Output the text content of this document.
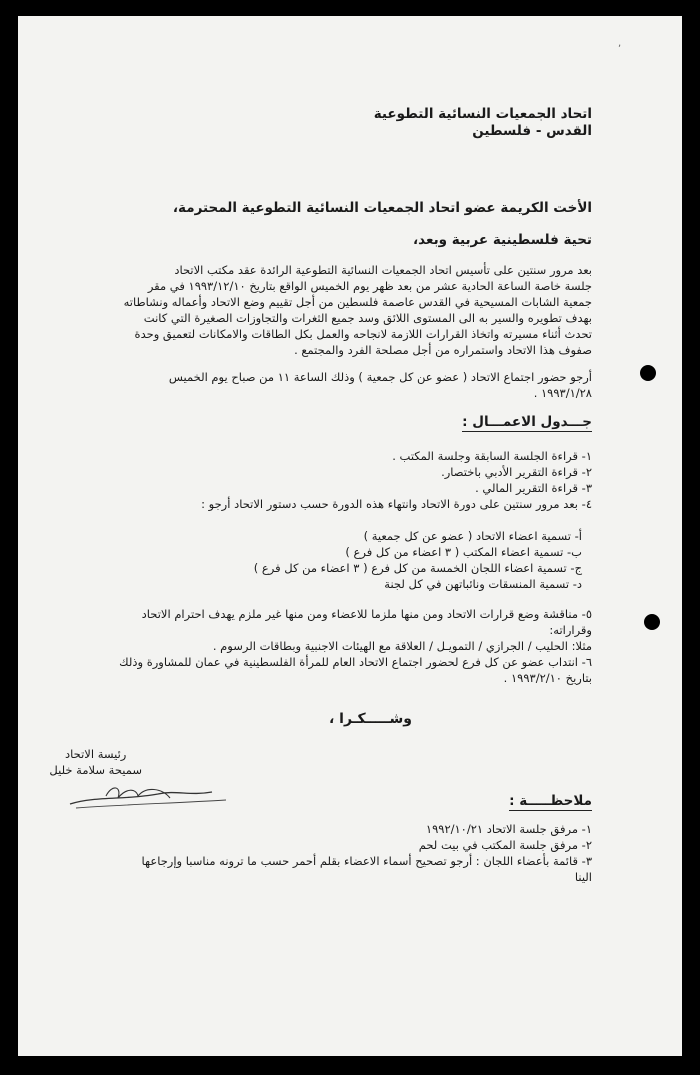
,
اتحاد الجمعيات النسائية التطوعية
القدس - فلسطين
الأخت الكريمة عضو اتحاد الجمعيات النسائية التطوعية المحترمة،
تحية فلسطينية عربية وبعد،
بعد مرور سنتين على تأسيس اتحاد الجمعيات النسائية التطوعية الرائدة عقد مكتب الاتحاد
جلسة خاصة الساعة الحادية عشر من بعد ظهر يوم الخميس الواقع بتاريخ ١٩٩٣/١٢/١٠ في مقر
جمعية الشابات المسيحية في القدس عاصمة فلسطين من أجل تقييم وضع الاتحاد وأعماله ونشاطاته
بهدف تطويره والسير به الى المستوى اللائق وسد جميع الثغرات والتجاوزات الصغيرة التي كانت
تحدث أثناء مسيرته واتخاذ القرارات اللازمة لانجاحه والعمل بكل الطاقات والامكانات لتعميق وحدة
صفوف هذا الاتحاد واستمراره من أجل مصلحة الفرد والمجتمع .
أرجو حضور اجتماع الاتحاد ( عضو عن كل جمعية ) وذلك الساعة ١١ من صباح يوم الخميس
١٩٩٣/١/٢٨ .
جـــدول الاعمـــال :
١- قراءة الجلسة السابقة وجلسة المكتب .
٢- قراءة التقرير الأدبي باختصار.
٣- قراءة التقرير المالي .
٤- بعد مرور سنتين على دورة الاتحاد وانتهاء هذه الدورة حسب دستور الاتحاد أرجو :
أ- تسمية اعضاء الاتحاد ( عضو عن كل جمعية )
ب- تسمية اعضاء المكتب ( ٣ اعضاء من كل فرع )
ج- تسمية اعضاء اللجان الخمسة من كل فرع ( ٣ اعضاء من كل فرع )
د- تسمية المنسقات ونائباتهن في كل لجنة
٥- مناقشة وضع قرارات الاتحاد ومن منها ملزما للاعضاء ومن منها غير ملزم يهدف احترام الاتحاد
وقراراته:
مثلا: الحليب / الجرازي / التمويـل / العلاقة مع الهيئات الاجنبية وبطاقات الرسوم .
٦- انتداب عضو عن كل فرع لحضور اجتماع الاتحاد العام للمرأة الفلسطينية في عمان للمشاورة وذلك
بتاريخ ١٩٩٣/٢/١٠ .
وشـــــكـرا ،
رئيسة الاتحاد
سميحة سلامة خليل
ملاحظـــــة :
١- مرفق جلسة الاتحاد ١٩٩٢/١٠/٢١
٢- مرفق جلسة المكتب في بيت لحم
٣- قائمة بأعضاء اللجان : أرجو تصحيح أسماء الاعضاء بقلم أحمر حسب ما ترونه مناسبا وإرجاعها
الينا
